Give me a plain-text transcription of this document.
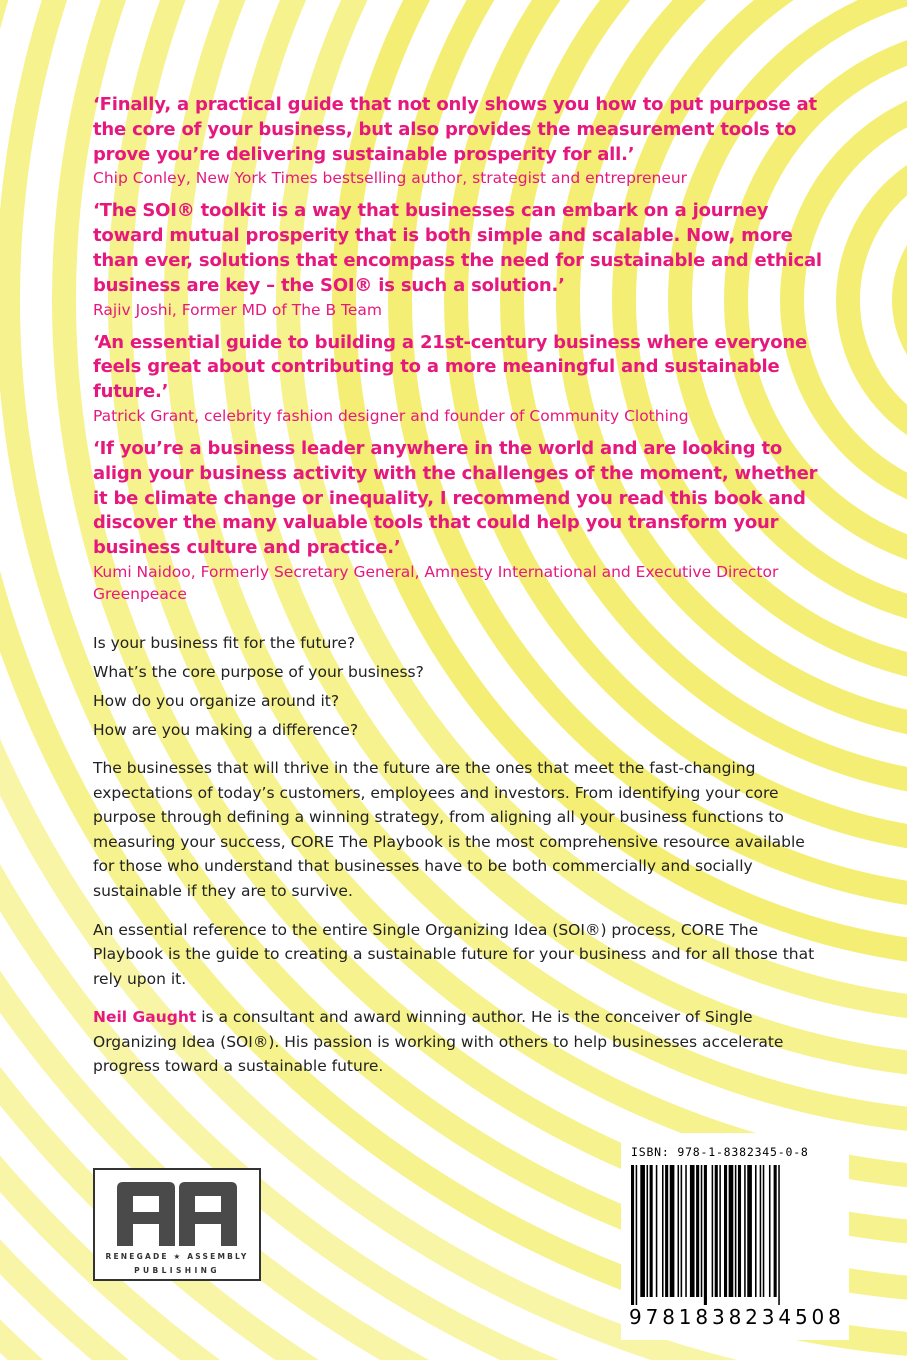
‘Finally, a practical guide that not only shows you how to put purpose at the core of your business, but also provides the measurement tools to prove you’re delivering sustainable prosperity for all.’

Chip Conley, New York Times bestselling author, strategist and entrepreneur

‘The SOI® toolkit is a way that businesses can embark on a journey toward mutual prosperity that is both simple and scalable. Now, more than ever, solutions that encompass the need for sustainable and ethical business are key – the SOI® is such a solution.’

Rajiv Joshi, Former MD of The B Team

‘An essential guide to building a 21st-century business where everyone feels great about contributing to a more meaningful and sustainable future.’

Patrick Grant, celebrity fashion designer and founder of Community Clothing

‘If you’re a business leader anywhere in the world and are looking to align your business activity with the challenges of the moment, whether it be climate change or inequality, I recommend you read this book and discover the many valuable tools that could help you transform your business culture and practice.’

Kumi Naidoo, Formerly Secretary General, Amnesty International and Executive Director Greenpeace

Is your business fit for the future?

What’s the core purpose of your business?

How do you organize around it?

How are you making a difference?

The businesses that will thrive in the future are the ones that meet the fast-changing expectations of today’s customers, employees and investors. From identifying your core purpose through defining a winning strategy, from aligning all your business functions to measuring your success, CORE The Playbook is the most comprehensive resource available for those who understand that businesses have to be both commercially and socially sustainable if they are to survive.

An essential reference to the entire Single Organizing Idea (SOI®) process, CORE The Playbook is the guide to creating a sustainable future for your business and for all those that rely upon it.

Neil Gaught is a consultant and award winning author. He is the conceiver of Single Organizing Idea (SOI®). His passion is working with others to help businesses accelerate progress toward a sustainable future.

RENEGADE ★ ASSEMBLY
PUBLISHING
ISBN: 978-1-8382345-0-8
9 7 8 1 8 3 8 2 3 4 5 0 8
